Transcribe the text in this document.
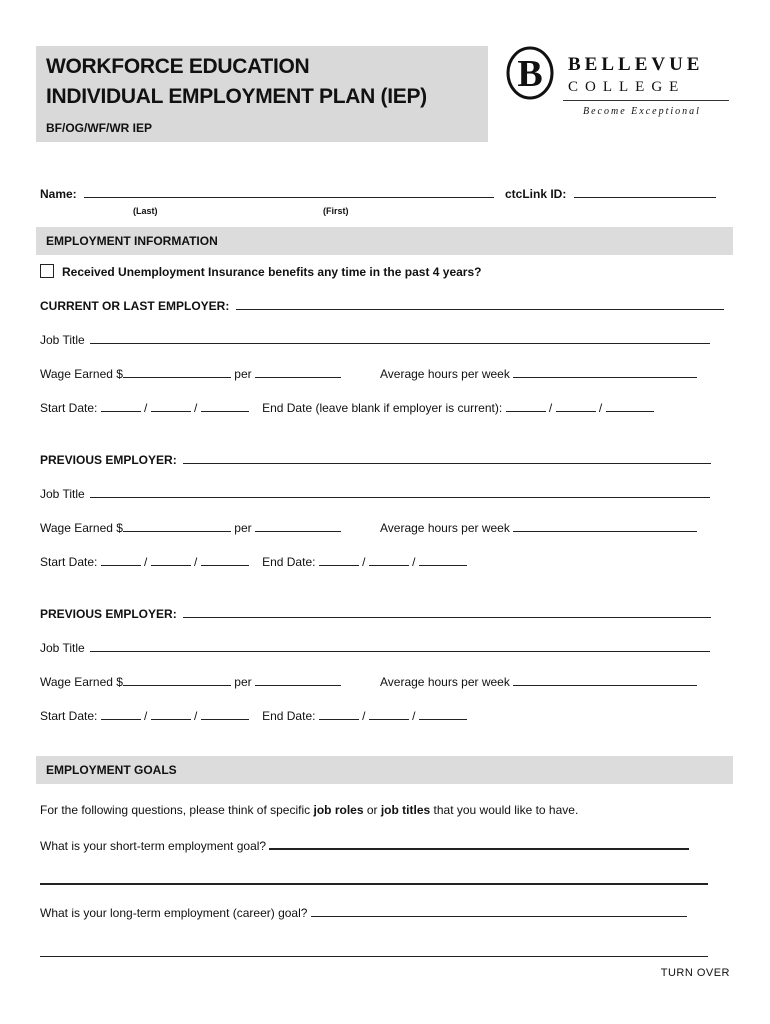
WORKFORCE EDUCATION
INDIVIDUAL EMPLOYMENT PLAN (IEP)
BF/OG/WF/WR IEP
B BELLEVUE
COLLEGE
Become Exceptional
Name:	ctcLink ID:
(Last)	(First)
EMPLOYMENT INFORMATION
Received Unemployment Insurance benefits any time in the past 4 years?
CURRENT OR LAST EMPLOYER:
Job Title
Wage Earned $	per	Average hours per week
Start Date:	/	/	End Date (leave blank if employer is current):	/	/
PREVIOUS EMPLOYER:
Job Title
Wage Earned $	per	Average hours per week
Start Date:	/	/	End Date:	/	/
PREVIOUS EMPLOYER:
Job Title
Wage Earned $	per	Average hours per week
Start Date:	/	/	End Date:	/	/
EMPLOYMENT GOALS
For the following questions, please think of specific job roles or job titles that you would like to have.
What is your short-term employment goal?
What is your long-term employment (career) goal?
TURN OVER
